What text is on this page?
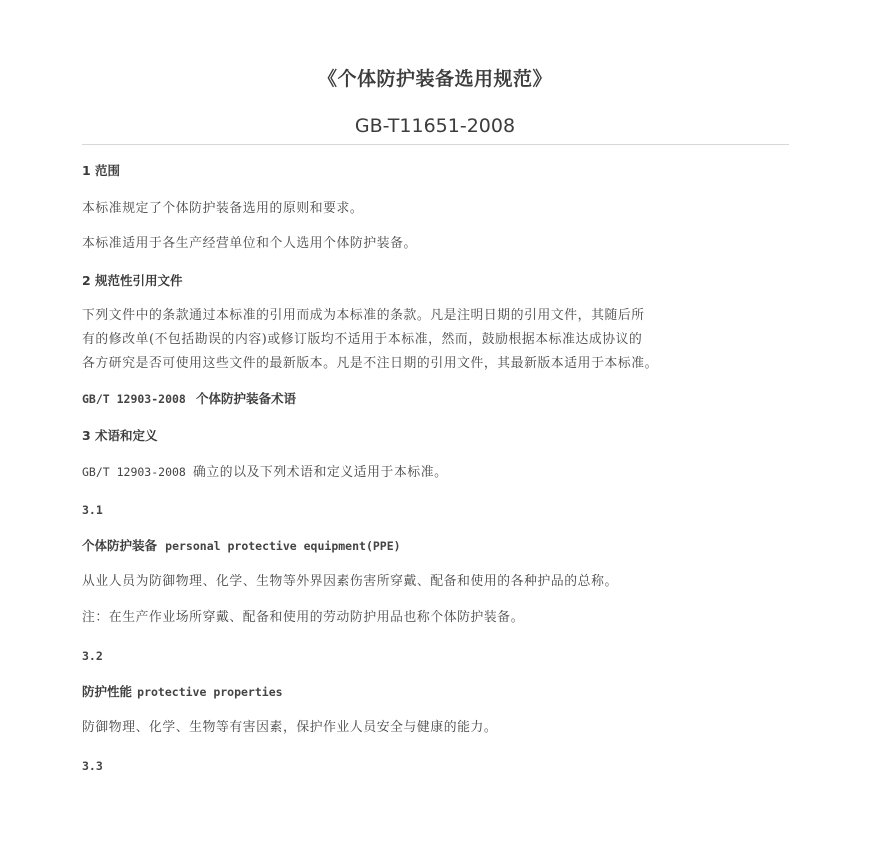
《个体防护装备选用规范》
GB-T11651-2008
1 范围
本标准规定了个体防护装备选用的原则和要求。
本标准适用于各生产经营单位和个人选用个体防护装备。
2 规范性引用文件
下列文件中的条款通过本标准的引用而成为本标准的条款。凡是注明日期的引用文件，其随后所
有的修改单(不包括勘误的内容)或修订版均不适用于本标准，然而，鼓励根据本标准达成协议的
各方研究是否可使用这些文件的最新版本。凡是不注日期的引用文件，其最新版本适用于本标准。
GB/T 12903-2008 个体防护装备术语
3 术语和定义
GB/T 12903-2008 确立的以及下列术语和定义适用于本标准。
3.1
个体防护装备 personal protective equipment(PPE)
从业人员为防御物理、化学、生物等外界因素伤害所穿戴、配备和使用的各种护品的总称。
注：在生产作业场所穿戴、配备和使用的劳动防护用品也称个体防护装备。
3.2
防护性能 protective properties
防御物理、化学、生物等有害因素，保护作业人员安全与健康的能力。
3.3
